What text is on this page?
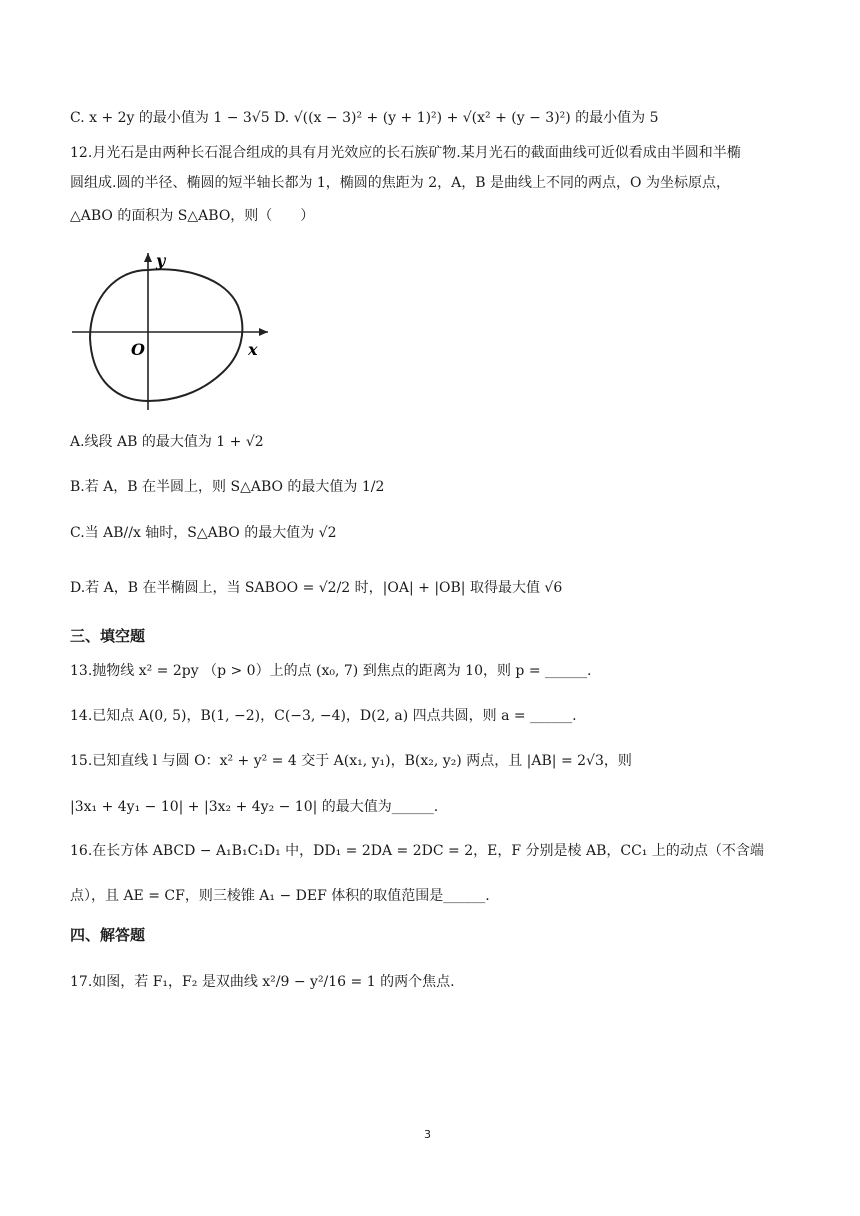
C. x + 2y 的最小值为 1 − 3√5 D. √((x − 3)² + (y + 1)²) + √(x² + (y − 3)²) 的最小值为 5
12.月光石是由两种长石混合组成的具有月光效应的长石族矿物.某月光石的截面曲线可近似看成由半圆和半椭
圆组成.圆的半径、椭圆的短半轴长都为 1，椭圆的焦距为 2，A，B 是曲线上不同的两点，O 为坐标原点，
△ABO 的面积为 S△ABO，则（　　）
y
x
O
A.线段 AB 的最大值为 1 + √2
B.若 A，B 在半圆上，则 S△ABO 的最大值为 1/2
C.当 AB//x 轴时，S△ABO 的最大值为 √2
D.若 A，B 在半椭圆上，当 SABOO = √2/2 时，|OA| + |OB| 取得最大值 √6
三、填空题
13.抛物线 x² = 2py （p > 0）上的点 (x₀, 7) 到焦点的距离为 10，则 p = ______.
14.已知点 A(0, 5)，B(1, −2)，C(−3, −4)，D(2, a) 四点共圆，则 a = ______.
15.已知直线 l 与圆 O：x² + y² = 4 交于 A(x₁, y₁)，B(x₂, y₂) 两点，且 |AB| = 2√3，则
|3x₁ + 4y₁ − 10| + |3x₂ + 4y₂ − 10| 的最大值为______.
16.在长方体 ABCD − A₁B₁C₁D₁ 中，DD₁ = 2DA = 2DC = 2，E，F 分别是棱 AB，CC₁ 上的动点（不含端
点），且 AE = CF，则三棱锥 A₁ − DEF 体积的取值范围是______.
四、解答题
17.如图，若 F₁，F₂ 是双曲线 x²/9 − y²/16 = 1 的两个焦点.
3
